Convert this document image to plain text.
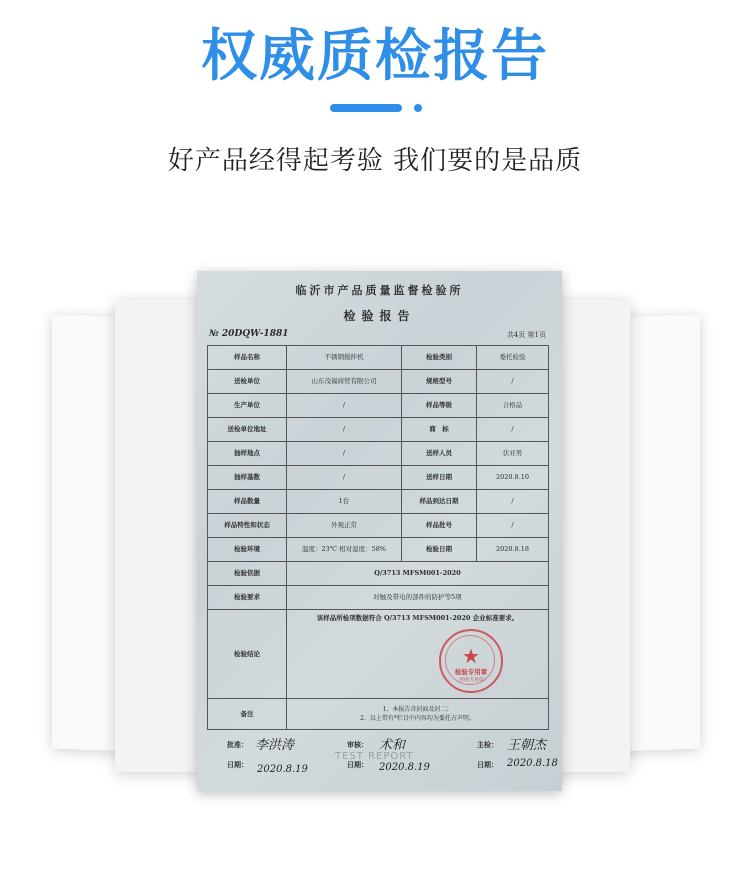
权威质检报告
好产品经得起考验 我们要的是品质
临沂市产品质量监督检验所
检验报告
№ 20DQW-1881	共4页 第1页
样品名称	不锈钢搅拌机	检验类别	委托检验
送检单位	山东茂福商贸有限公司	规格型号	/
生产单位	/	样品等级	合格品
送检单位地址	/	商　标	/
抽样地点	/	送样人员	伏亚男
抽样基数	/	送样日期	2020.8.10
样品数量	1台	样品到达日期	/
样品特性和状态	外观正常	样品批号	/
检验环境	温度：23℃ 相对湿度：58%	检验日期	2020.8.18
检验依据	Q/3713 MFSM001-2020		
检验要求	对触及带电的部件的防护等5项		
检验结论	该样品所检项数据符合 Q/3713 MFSM001-2020 企业标准要求。		

备注	1、本报告含封面及封二；
2、以上带有*栏目中内容均为委托方声明。		
★
检验专用章
（检验专用章）
批准： 李洪涛	审核： 术和	主检： 王朝杰
日期： 2020.8.19	日期： 2020.8.19	日期： 2020.8.18
TEST REPORT
